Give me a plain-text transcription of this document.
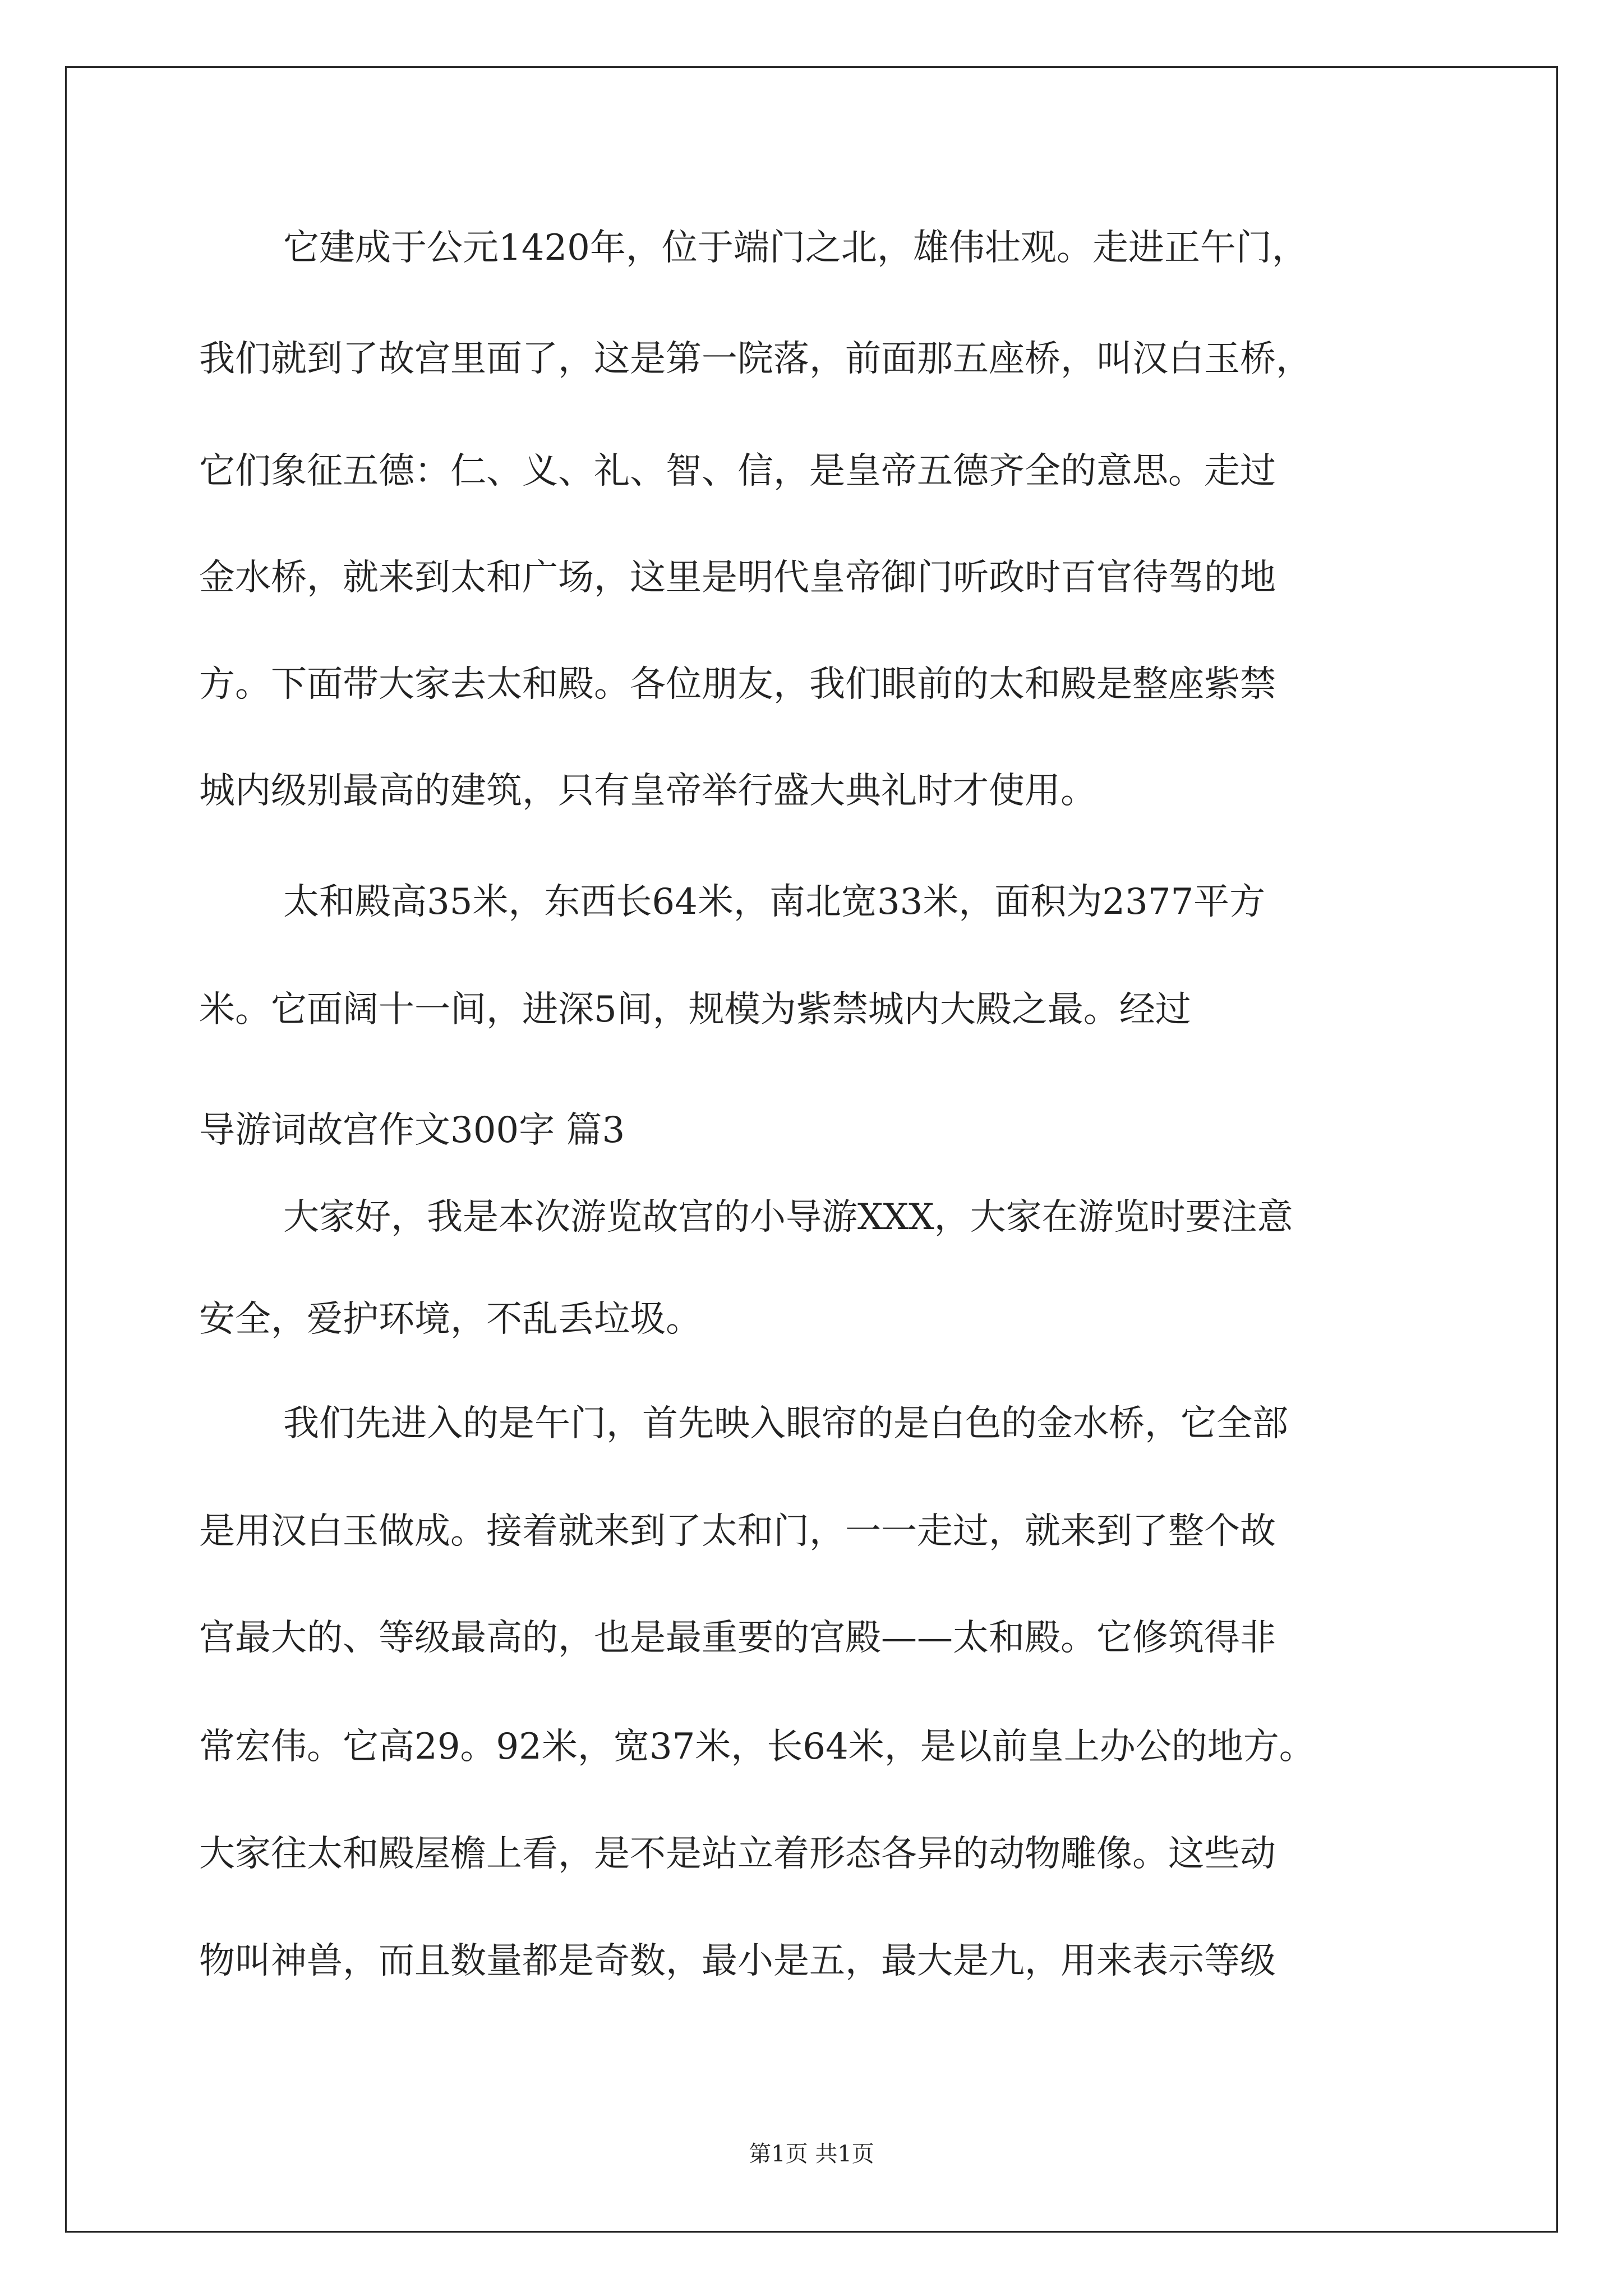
它建成于公元1420年，位于端门之北，雄伟壮观。走进正午门，
我们就到了故宫里面了，这是第一院落，前面那五座桥，叫汉白玉桥，
它们象征五德：仁、义、礼、智、信，是皇帝五德齐全的意思。走过
金水桥，就来到太和广场，这里是明代皇帝御门听政时百官待驾的地
方。下面带大家去太和殿。各位朋友，我们眼前的太和殿是整座紫禁
城内级别最高的建筑，只有皇帝举行盛大典礼时才使用。
太和殿高35米，东西长64米，南北宽33米，面积为2377平方
米。它面阔十一间，进深5间，规模为紫禁城内大殿之最。经过
导游词故宫作文300字 篇3
大家好，我是本次游览故宫的小导游XXX，大家在游览时要注意
安全，爱护环境，不乱丢垃圾。
我们先进入的是午门，首先映入眼帘的是白色的金水桥，它全部
是用汉白玉做成。接着就来到了太和门，一一走过，就来到了整个故
宫最大的、等级最高的，也是最重要的宫殿——太和殿。它修筑得非
常宏伟。它高29。92米，宽37米，长64米，是以前皇上办公的地方。
大家往太和殿屋檐上看，是不是站立着形态各异的动物雕像。这些动
物叫神兽，而且数量都是奇数，最小是五，最大是九，用来表示等级
第1页 共1页
